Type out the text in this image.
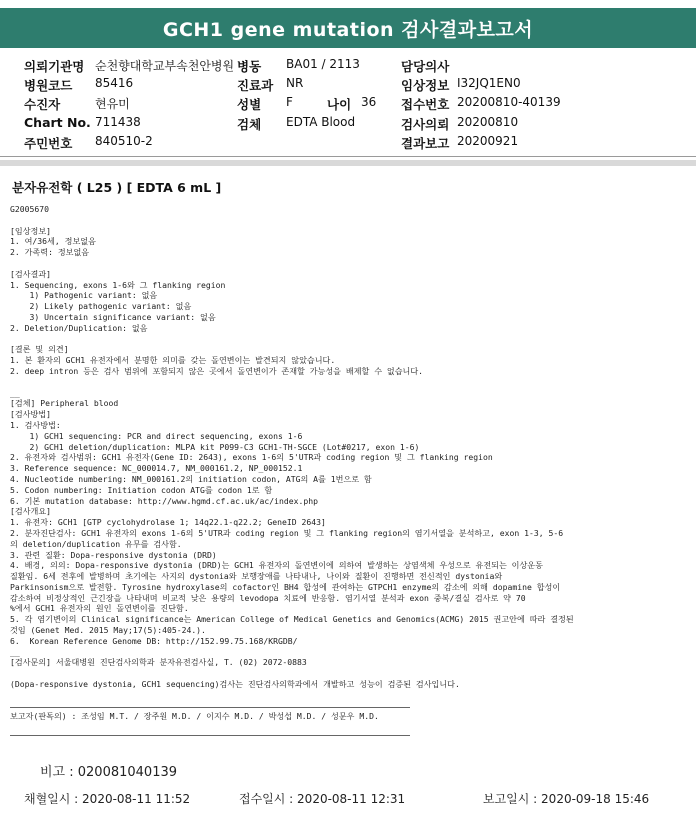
GCH1 gene mutation 검사결과보고서
의뢰기관명 순천향대학교부속천안병원 병동 BA01 / 2113	담당의사
병원코드 85416	진료과 NR	임상정보 I32JQ1EN0
수진자	현유미	성별 F	나이 36 접수번호 20200810-40139
Chart No. 711438	검체 EDTA Blood	검사의뢰 20200810
주민번호 840510-2	결과보고 20200921
분자유전학 ( L25 ) [ EDTA 6 mL ]
G2005670
[임상정보]
1. 여/36세, 정보없음
2. 가족력: 정보없음
[검사결과]
1. Sequencing, exons 1-6와 그 flanking region
1) Pathogenic variant: 없음
2) Likely pathogenic variant: 없음
3) Uncertain significance variant: 없음
2. Deletion/Duplication: 없음
[결론 및 의견]
1. 본 환자의 GCH1 유전자에서 분명한 의미를 갖는 돌연변이는 발견되지 않았습니다.
2. deep intron 등은 검사 범위에 포함되지 않은 곳에서 돌연변이가 존재할 가능성을 배제할 수 없습니다.
__
[검체] Peripheral blood
[검사방법]
1. 검사방법:
1) GCH1 sequencing: PCR and direct sequencing, exons 1-6
2) GCH1 deletion/duplication: MLPA kit P099-C3 GCH1-TH-SGCE (Lot#0217, exon 1-6)
2. 유전자와 검사범위: GCH1 유전자(Gene ID: 2643), exons 1-6의 5'UTR과 coding region 및 그 flanking region
3. Reference sequence: NC_000014.7, NM_000161.2, NP_000152.1
4. Nucleotide numbering: NM_000161.2의 initiation codon, ATG의 A를 1번으로 함
5. Codon numbering: Initiation codon ATG를 codon 1로 함
6. 기본 mutation database: http://www.hgmd.cf.ac.uk/ac/index.php
[검사개요]
1. 유전자: GCH1 [GTP cyclohydrolase 1; 14q22.1-q22.2; GeneID 2643]
2. 분자진단검사: GCH1 유전자의 exons 1-6의 5'UTR과 coding region 및 그 flanking region의 염기서열을 분석하고, exon 1-3, 5-6
의 deletion/duplication 유무를 검사함.
3. 관련 질환: Dopa-responsive dystonia (DRD)
4. 배경, 의의: Dopa-responsive dystonia (DRD)는 GCH1 유전자의 돌연변이에 의하여 발생하는 상염색체 우성으로 유전되는 이상운동
질환임. 6세 전후에 발병하며 초기에는 사지의 dystonia와 보행장애를 나타내나, 나이와 질환이 진행하면 전신적인 dystonia와
Parkinsonism으로 발전함. Tyrosine hydroxylase의 cofactor인 BH4 합성에 관여하는 GTPCH1 enzyme의 감소에 의해 dopamine 합성이
감소하여 비정상적인 근긴장을 나타내며 비교적 낮은 용량의 levodopa 치료에 반응함. 염기서열 분석과 exon 중복/결실 검사로 약 70
%에서 GCH1 유전자의 원인 돌연변이를 진단함.
5. 각 염기변이의 Clinical significance는 American College of Medical Genetics and Genomics(ACMG) 2015 권고안에 따라 결정된
것임 (Genet Med. 2015 May;17(5):405-24.).
6.  Korean Reference Genome DB: http://152.99.75.168/KRGDB/
__
[검사문의] 서울대병원 진단검사의학과 분자유전검사실, T. (02) 2072-0883
(Dopa-responsive dystonia, GCH1 sequencing)검사는 진단검사의학과에서 개발하고 성능이 검증된 검사입니다.
보고자(판독의) : 조성임 M.T. / 장주원 M.D. / 이지수 M.D. / 박성섭 M.D. / 성문우 M.D.
비고 : 020081040139
채혈일시 : 2020-08-11 11:52	접수일시 : 2020-08-11 12:31	보고일시 : 2020-09-18 15:46
